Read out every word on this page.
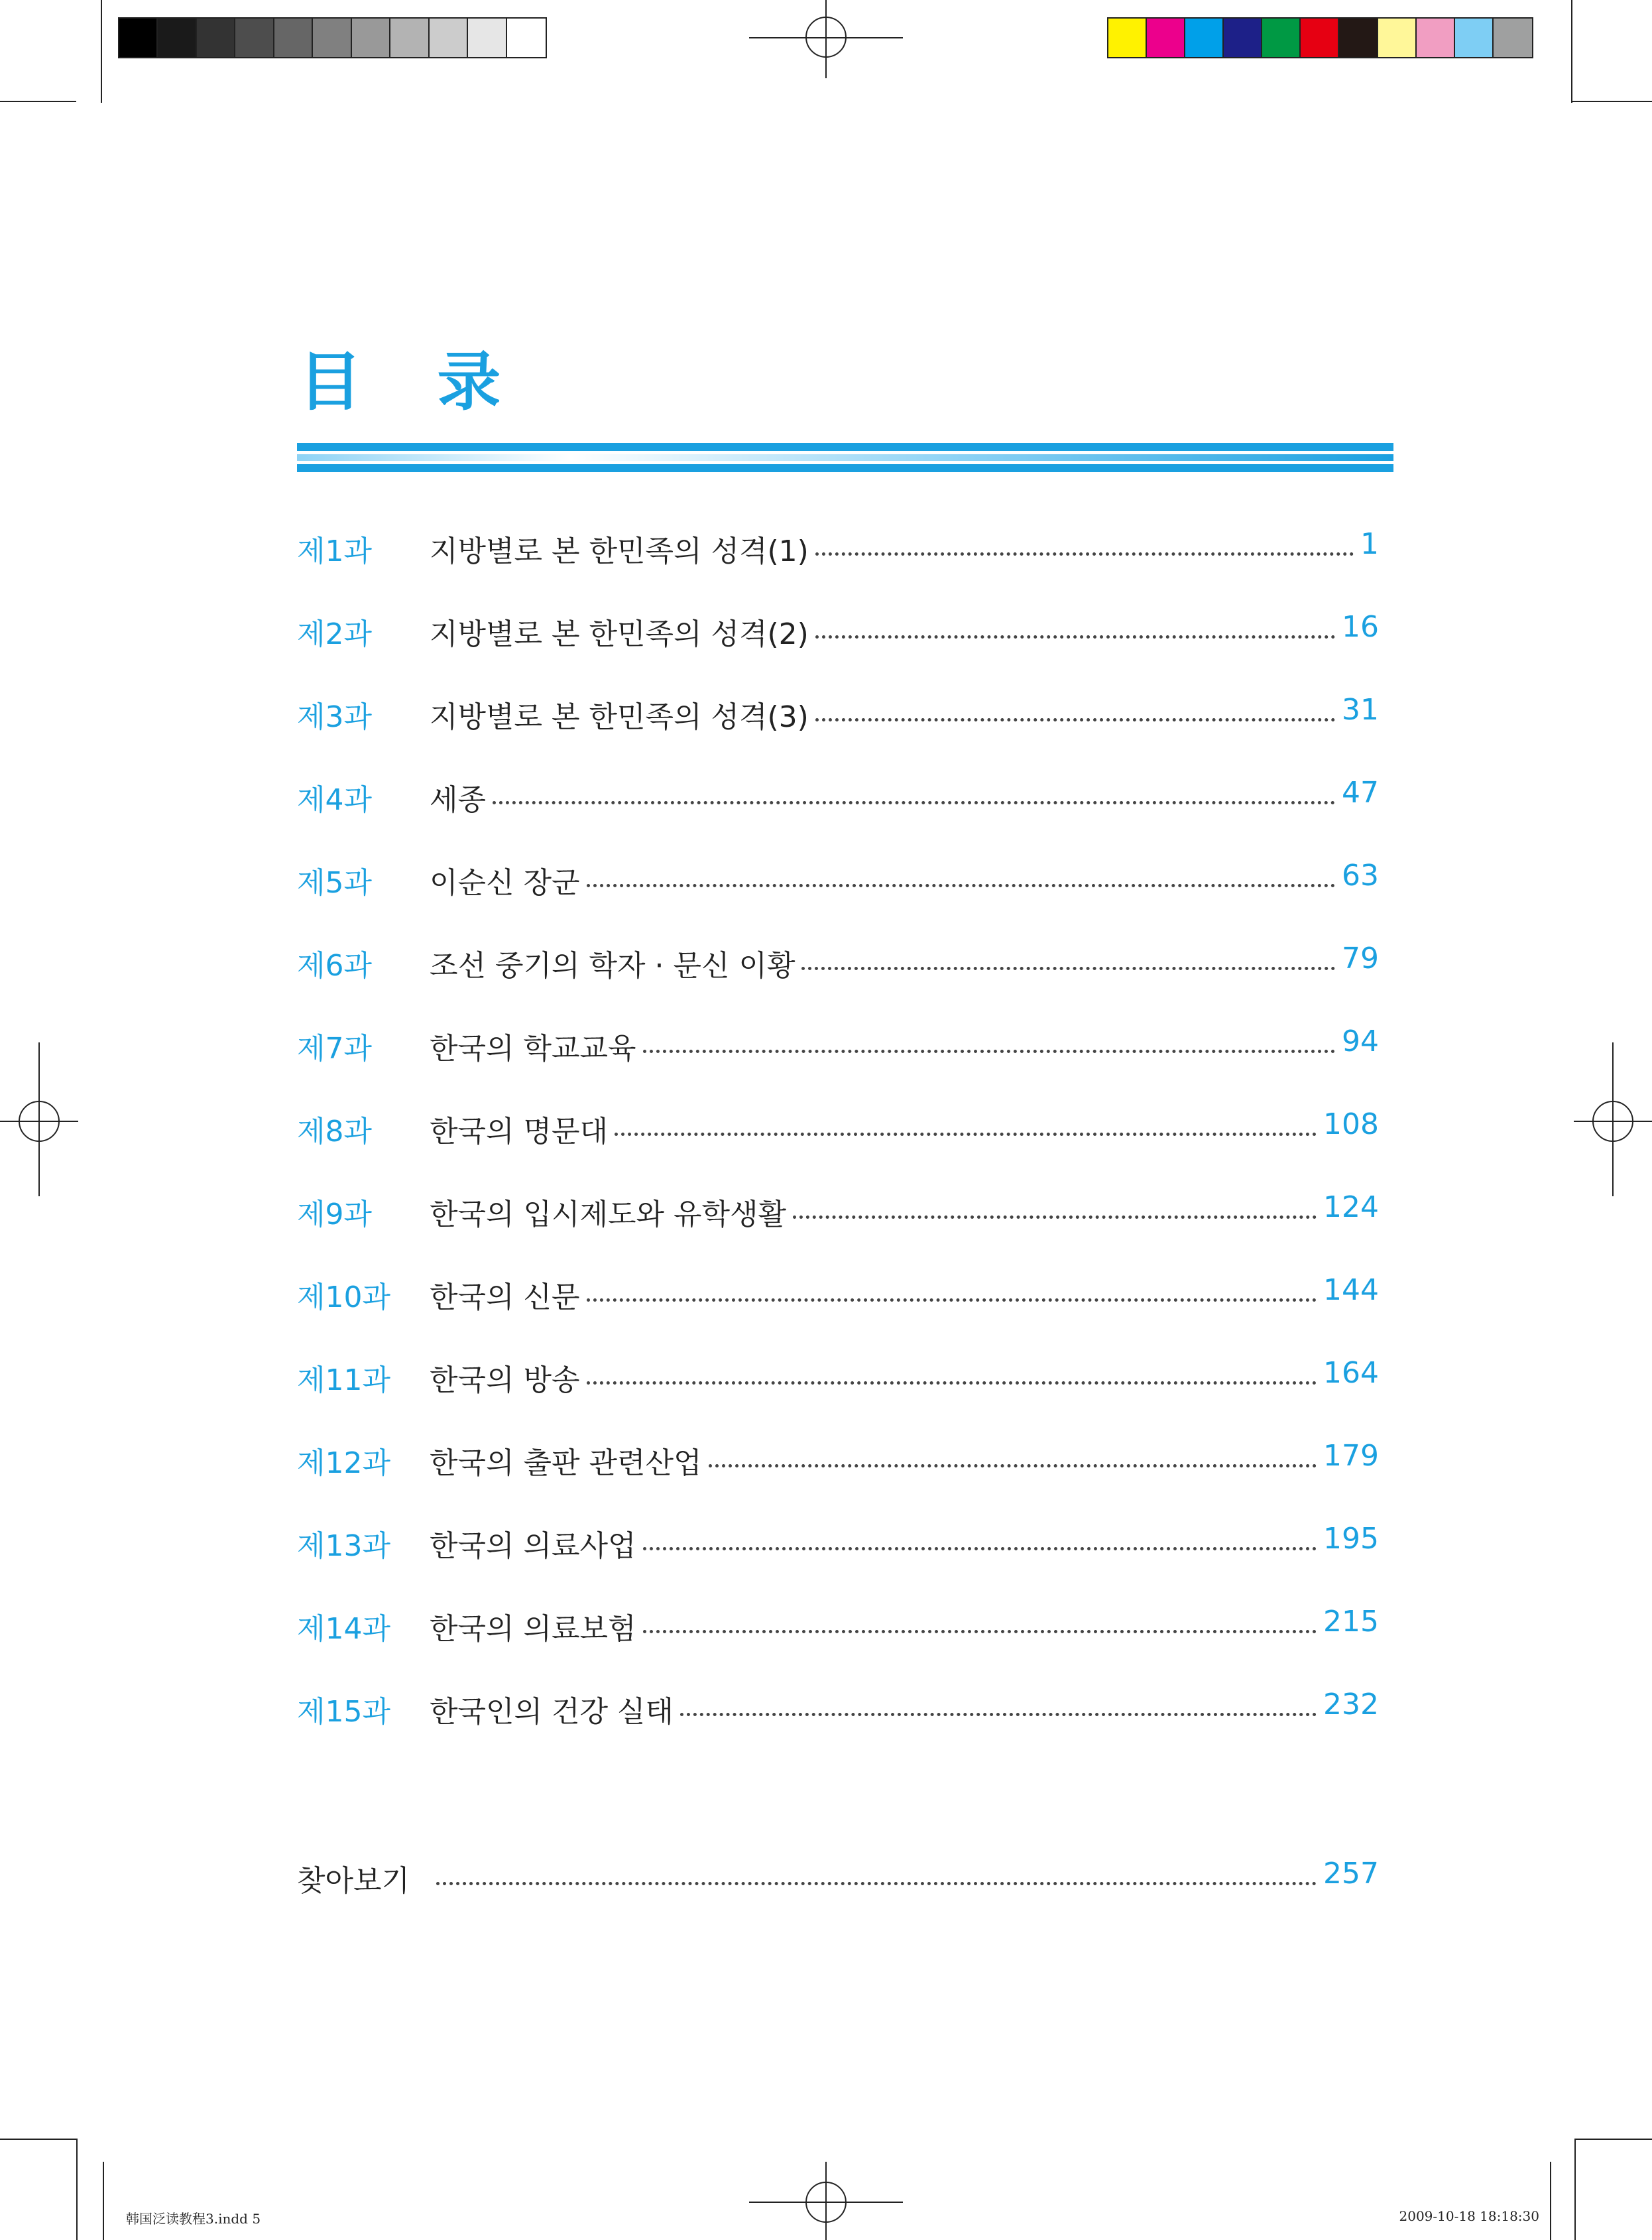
目 录
제1과	지방별로 본 한민족의 성격(1)	1
제2과	지방별로 본 한민족의 성격(2)	16
제3과	지방별로 본 한민족의 성격(3)	31
제4과	세종	47
제5과	이순신 장군	63
제6과	조선 중기의 학자 · 문신 이황	79
제7과	한국의 학교교육	94
제8과	한국의 명문대	108
제9과	한국의 입시제도와 유학생활	124
제10과	한국의 신문	144
제11과	한국의 방송	164
제12과	한국의 출판 관련산업	179
제13과	한국의 의료사업	195
제14과	한국의 의료보험	215
제15과	한국인의 건강 실태	232
찾아보기	257
韩国泛读教程3.indd 5	2009-10-18 18:18:30
